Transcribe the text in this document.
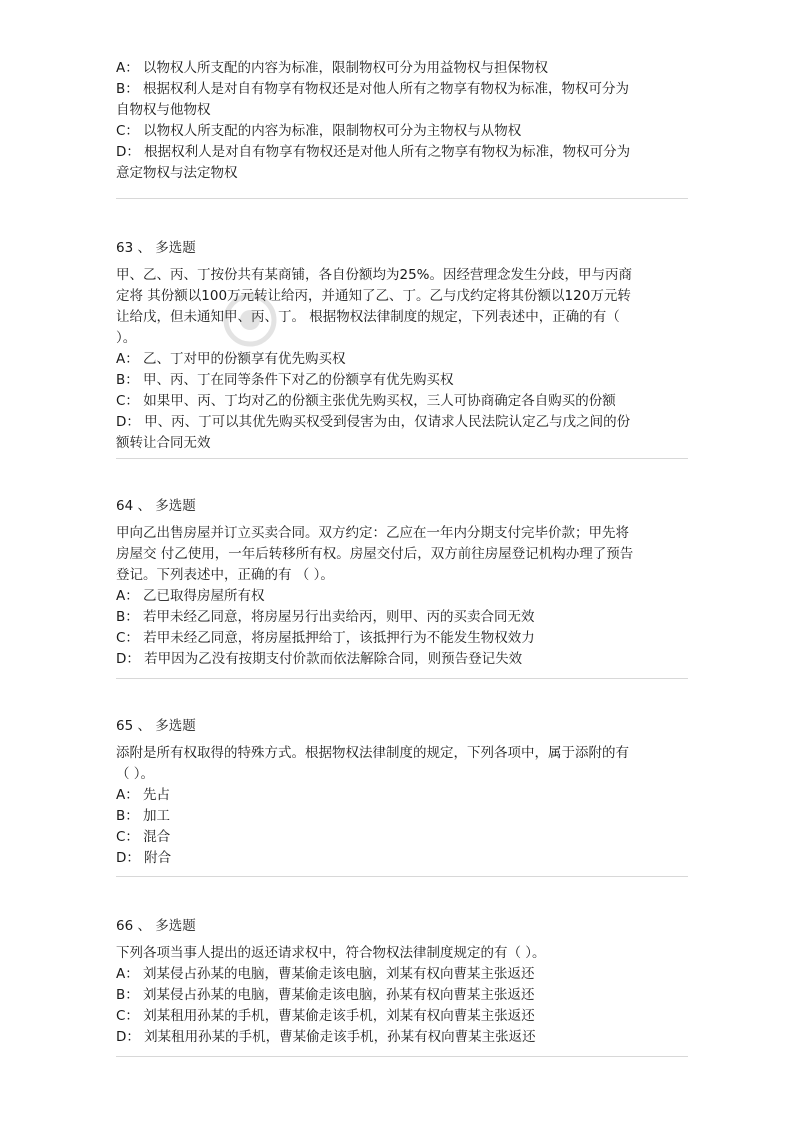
A： 以物权人所支配的内容为标准，限制物权可分为用益物权与担保物权

B： 根据权利人是对自有物享有物权还是对他人所有之物享有物权为标准，物权可分为

自物权与他物权

C： 以物权人所支配的内容为标准，限制物权可分为主物权与从物权

D： 根据权利人是对自有物享有物权还是对他人所有之物享有物权为标准，物权可分为

意定物权与法定物权

63 、 多选题

甲、乙、丙、丁按份共有某商铺，各自份额均为25%。因经营理念发生分歧，甲与丙商

定将 其份额以100万元转让给丙，并通知了乙、丁。乙与戊约定将其份额以120万元转

让给戊，但未通知甲、丙、丁。 根据物权法律制度的规定，下列表述中，正确的有（

）。

A： 乙、丁对甲的份额享有优先购买权

B： 甲、丙、丁在同等条件下对乙的份额享有优先购买权

C： 如果甲、丙、丁均对乙的份额主张优先购买权，三人可协商确定各自购买的份额

D： 甲、丙、丁可以其优先购买权受到侵害为由，仅请求人民法院认定乙与戊之间的份

额转让合同无效

64 、 多选题

甲向乙出售房屋并订立买卖合同。双方约定：乙应在一年内分期支付完毕价款；甲先将

房屋交 付乙使用，一年后转移所有权。房屋交付后，双方前往房屋登记机构办理了预告

登记。下列表述中，正确的有 （ ）。

A： 乙已取得房屋所有权

B： 若甲未经乙同意，将房屋另行出卖给丙，则甲、丙的买卖合同无效

C： 若甲未经乙同意，将房屋抵押给丁，该抵押行为不能发生物权效力

D： 若甲因为乙没有按期支付价款而依法解除合同，则预告登记失效

65 、 多选题

添附是所有权取得的特殊方式。根据物权法律制度的规定，下列各项中，属于添附的有

（ ）。

A： 先占

B： 加工

C： 混合

D： 附合

66 、 多选题

下列各项当事人提出的返还请求权中，符合物权法律制度规定的有（ ）。

A： 刘某侵占孙某的电脑，曹某偷走该电脑，刘某有权向曹某主张返还

B： 刘某侵占孙某的电脑，曹某偷走该电脑，孙某有权向曹某主张返还

C： 刘某租用孙某的手机，曹某偷走该手机，刘某有权向曹某主张返还

D： 刘某租用孙某的手机，曹某偷走该手机，孙某有权向曹某主张返还
